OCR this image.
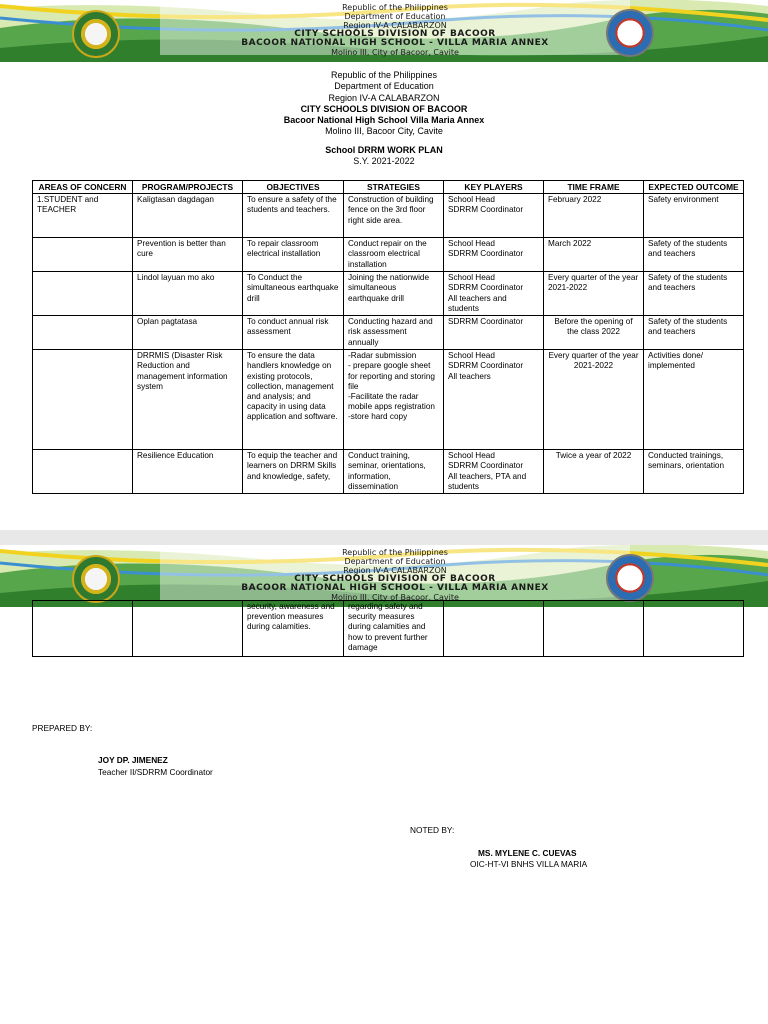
Republic of the Philippines
Department of Education
Region IV-A CALABARZON
CITY SCHOOLS DIVISION OF BACOOR
BACOOR NATIONAL HIGH SCHOOL - VILLA MARIA ANNEX
Molino III, City of Bacoor, Cavite
Republic of the Philippines
Department of Education
Region IV-A CALABARZON
CITY SCHOOLS DIVISION OF BACOOR
Bacoor National High School Villa Maria Annex
Molino III, Bacoor City, Cavite
School DRRM WORK PLAN
S.Y. 2021-2022
AREAS OF CONCERN	PROGRAM/PROJECTS	OBJECTIVES	STRATEGIES	KEY PLAYERS	TIME FRAME	EXPECTED OUTCOME
1.STUDENT and TEACHER	Kaligtasan dagdagan	To ensure a safety of the students and teachers.	Construction of building fence on the 3rd floor right side area.	School Head
SDRRM Coordinator	February 2022	Safety environment
	Prevention is better than cure	To repair classroom electrical installation	Conduct repair on the classroom electrical installation	School Head
SDRRM Coordinator	March 2022	Safety of the students and teachers
	Lindol layuan mo ako	To Conduct the simultaneous earthquake drill	Joining the nationwide simultaneous earthquake drill	School Head
SDRRM Coordinator
All teachers and students	Every quarter of the year 2021-2022	Safety of the students and teachers
	Oplan pagtatasa	To conduct annual risk assessment	Conducting hazard and risk assessment annually	SDRRM Coordinator	Before the opening of the class 2022	Safety of the students and teachers
	DRRMIS (Disaster Risk Reduction and management information system	To ensure the data handlers knowledge on existing protocols, collection, management and analysis; and capacity in using data application and software.	-Radar submission
- prepare google sheet for reporting and storing file
-Facilitate the radar mobile apps registration
-store hard copy	School Head
SDRRM Coordinator
All teachers	Every quarter of the year 2021-2022	Activities done/ implemented
	Resilience Education	To equip the teacher and learners on DRRM Skills and knowledge, safety,	Conduct training, seminar, orientations, information, dissemination	School Head
SDRRM Coordinator
All teachers, PTA and students	Twice a year of 2022	Conducted trainings, seminars, orientation
Republic of the Philippines
Department of Education
Region IV-A CALABARZON
CITY SCHOOLS DIVISION OF BACOOR
BACOOR NATIONAL HIGH SCHOOL - VILLA MARIA ANNEX
Molino III, City of Bacoor, Cavite
		security, awareness and prevention measures during calamities.	regarding safety and security measures during calamities and how to prevent further damage			
PREPARED BY:
JOY DP. JIMENEZ
Teacher II/SDRRM Coordinator
NOTED BY:
MS. MYLENE C. CUEVAS
OIC-HT-VI BNHS VILLA MARIA
